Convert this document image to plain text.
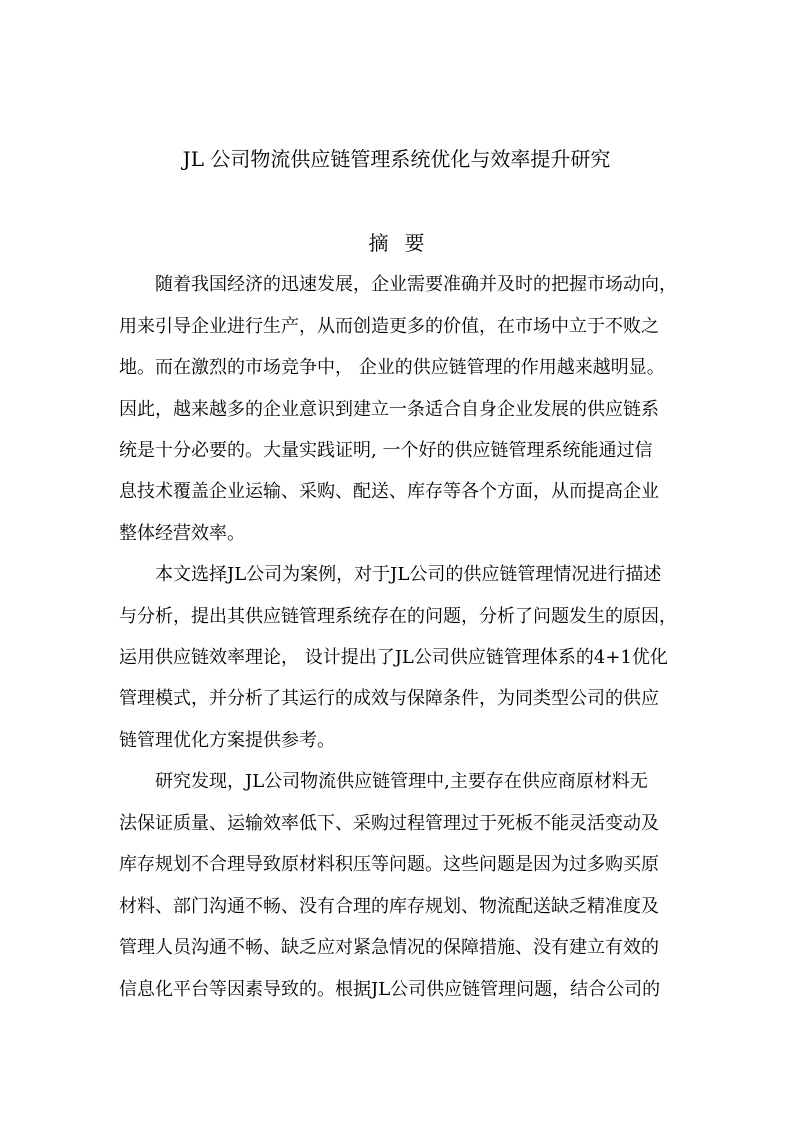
JL 公司物流供应链管理系统优化与效率提升研究
摘要
随着我国经济的迅速发展，企业需要准确并及时的把握市场动向，
用来引导企业进行生产，从而创造更多的价值，在市场中立于不败之
地。而在激烈的市场竞争中， 企业的供应链管理的作用越来越明显。
因此，越来越多的企业意识到建立一条适合自身企业发展的供应链系
统是十分必要的。大量实践证明, 一个好的供应链管理系统能通过信
息技术覆盖企业运输、采购、配送、库存等各个方面，从而提高企业
整体经营效率。
本文选择JL公司为案例，对于JL公司的供应链管理情况进行描述
与分析，提出其供应链管理系统存在的问题，分析了问题发生的原因，
运用供应链效率理论， 设计提出了JL公司供应链管理体系的4+1优化
管理模式，并分析了其运行的成效与保障条件，为同类型公司的供应
链管理优化方案提供参考。
研究发现，JL公司物流供应链管理中,主要存在供应商原材料无
法保证质量、运输效率低下、采购过程管理过于死板不能灵活变动及
库存规划不合理导致原材料积压等问题。这些问题是因为过多购买原
材料、部门沟通不畅、没有合理的库存规划、物流配送缺乏精准度及
管理人员沟通不畅、缺乏应对紧急情况的保障措施、没有建立有效的
信息化平台等因素导致的。根据JL公司供应链管理问题，结合公司的
